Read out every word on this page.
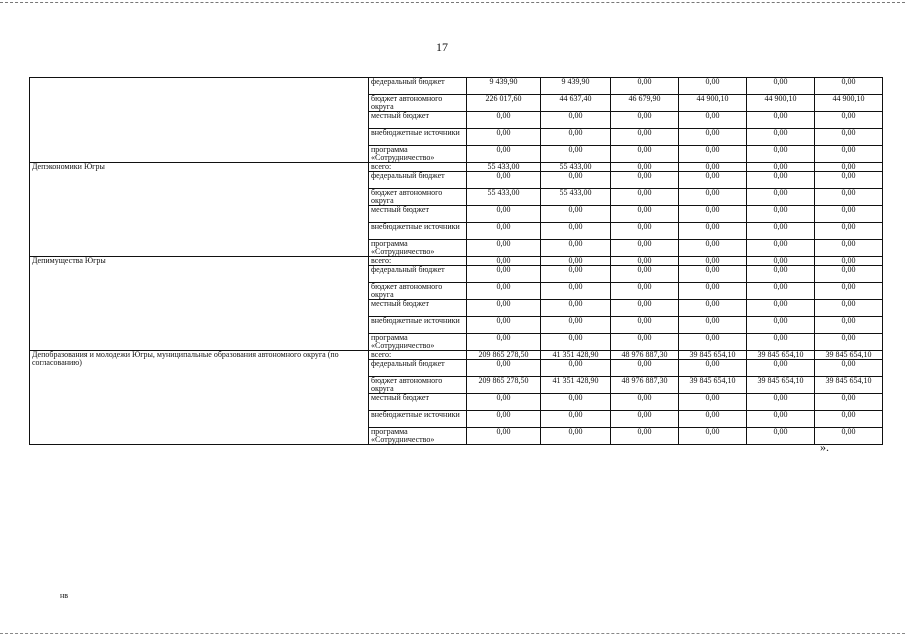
17
	федеральный бюджет	9 439,90	9 439,90	0,00	0,00	0,00	0,00
	бюджет автономного округа	226 017,60	44 637,40	46 679,90	44 900,10	44 900,10	44 900,10
	местный бюджет	0,00	0,00	0,00	0,00	0,00	0,00
	внебюджетные источники	0,00	0,00	0,00	0,00	0,00	0,00
	программа «Сотрудничество»	0,00	0,00	0,00	0,00	0,00	0,00
Депэкономики Югры	всего:	55 433,00	55 433,00	0,00	0,00	0,00	0,00
	федеральный бюджет	0,00	0,00	0,00	0,00	0,00	0,00
	бюджет автономного округа	55 433,00	55 433,00	0,00	0,00	0,00	0,00
	местный бюджет	0,00	0,00	0,00	0,00	0,00	0,00
	внебюджетные источники	0,00	0,00	0,00	0,00	0,00	0,00
	программа «Сотрудничество»	0,00	0,00	0,00	0,00	0,00	0,00
Депимущества Югры	всего:	0,00	0,00	0,00	0,00	0,00	0,00
	федеральный бюджет	0,00	0,00	0,00	0,00	0,00	0,00
	бюджет автономного округа	0,00	0,00	0,00	0,00	0,00	0,00
	местный бюджет	0,00	0,00	0,00	0,00	0,00	0,00
	внебюджетные источники	0,00	0,00	0,00	0,00	0,00	0,00
	программа «Сотрудничество»	0,00	0,00	0,00	0,00	0,00	0,00
Депобразования и молодежи Югры, муниципальные образования автономного округа (по согласованию)	всего:	209 865 278,50	41 351 428,90	48 976 887,30	39 845 654,10	39 845 654,10	39 845 654,10
	федеральный бюджет	0,00	0,00	0,00	0,00	0,00	0,00
	бюджет автономного округа	209 865 278,50	41 351 428,90	48 976 887,30	39 845 654,10	39 845 654,10	39 845 654,10
	местный бюджет	0,00	0,00	0,00	0,00	0,00	0,00
	внебюджетные источники	0,00	0,00	0,00	0,00	0,00	0,00
	программа «Сотрудничество»	0,00	0,00	0,00	0,00	0,00	0,00
».
нв
